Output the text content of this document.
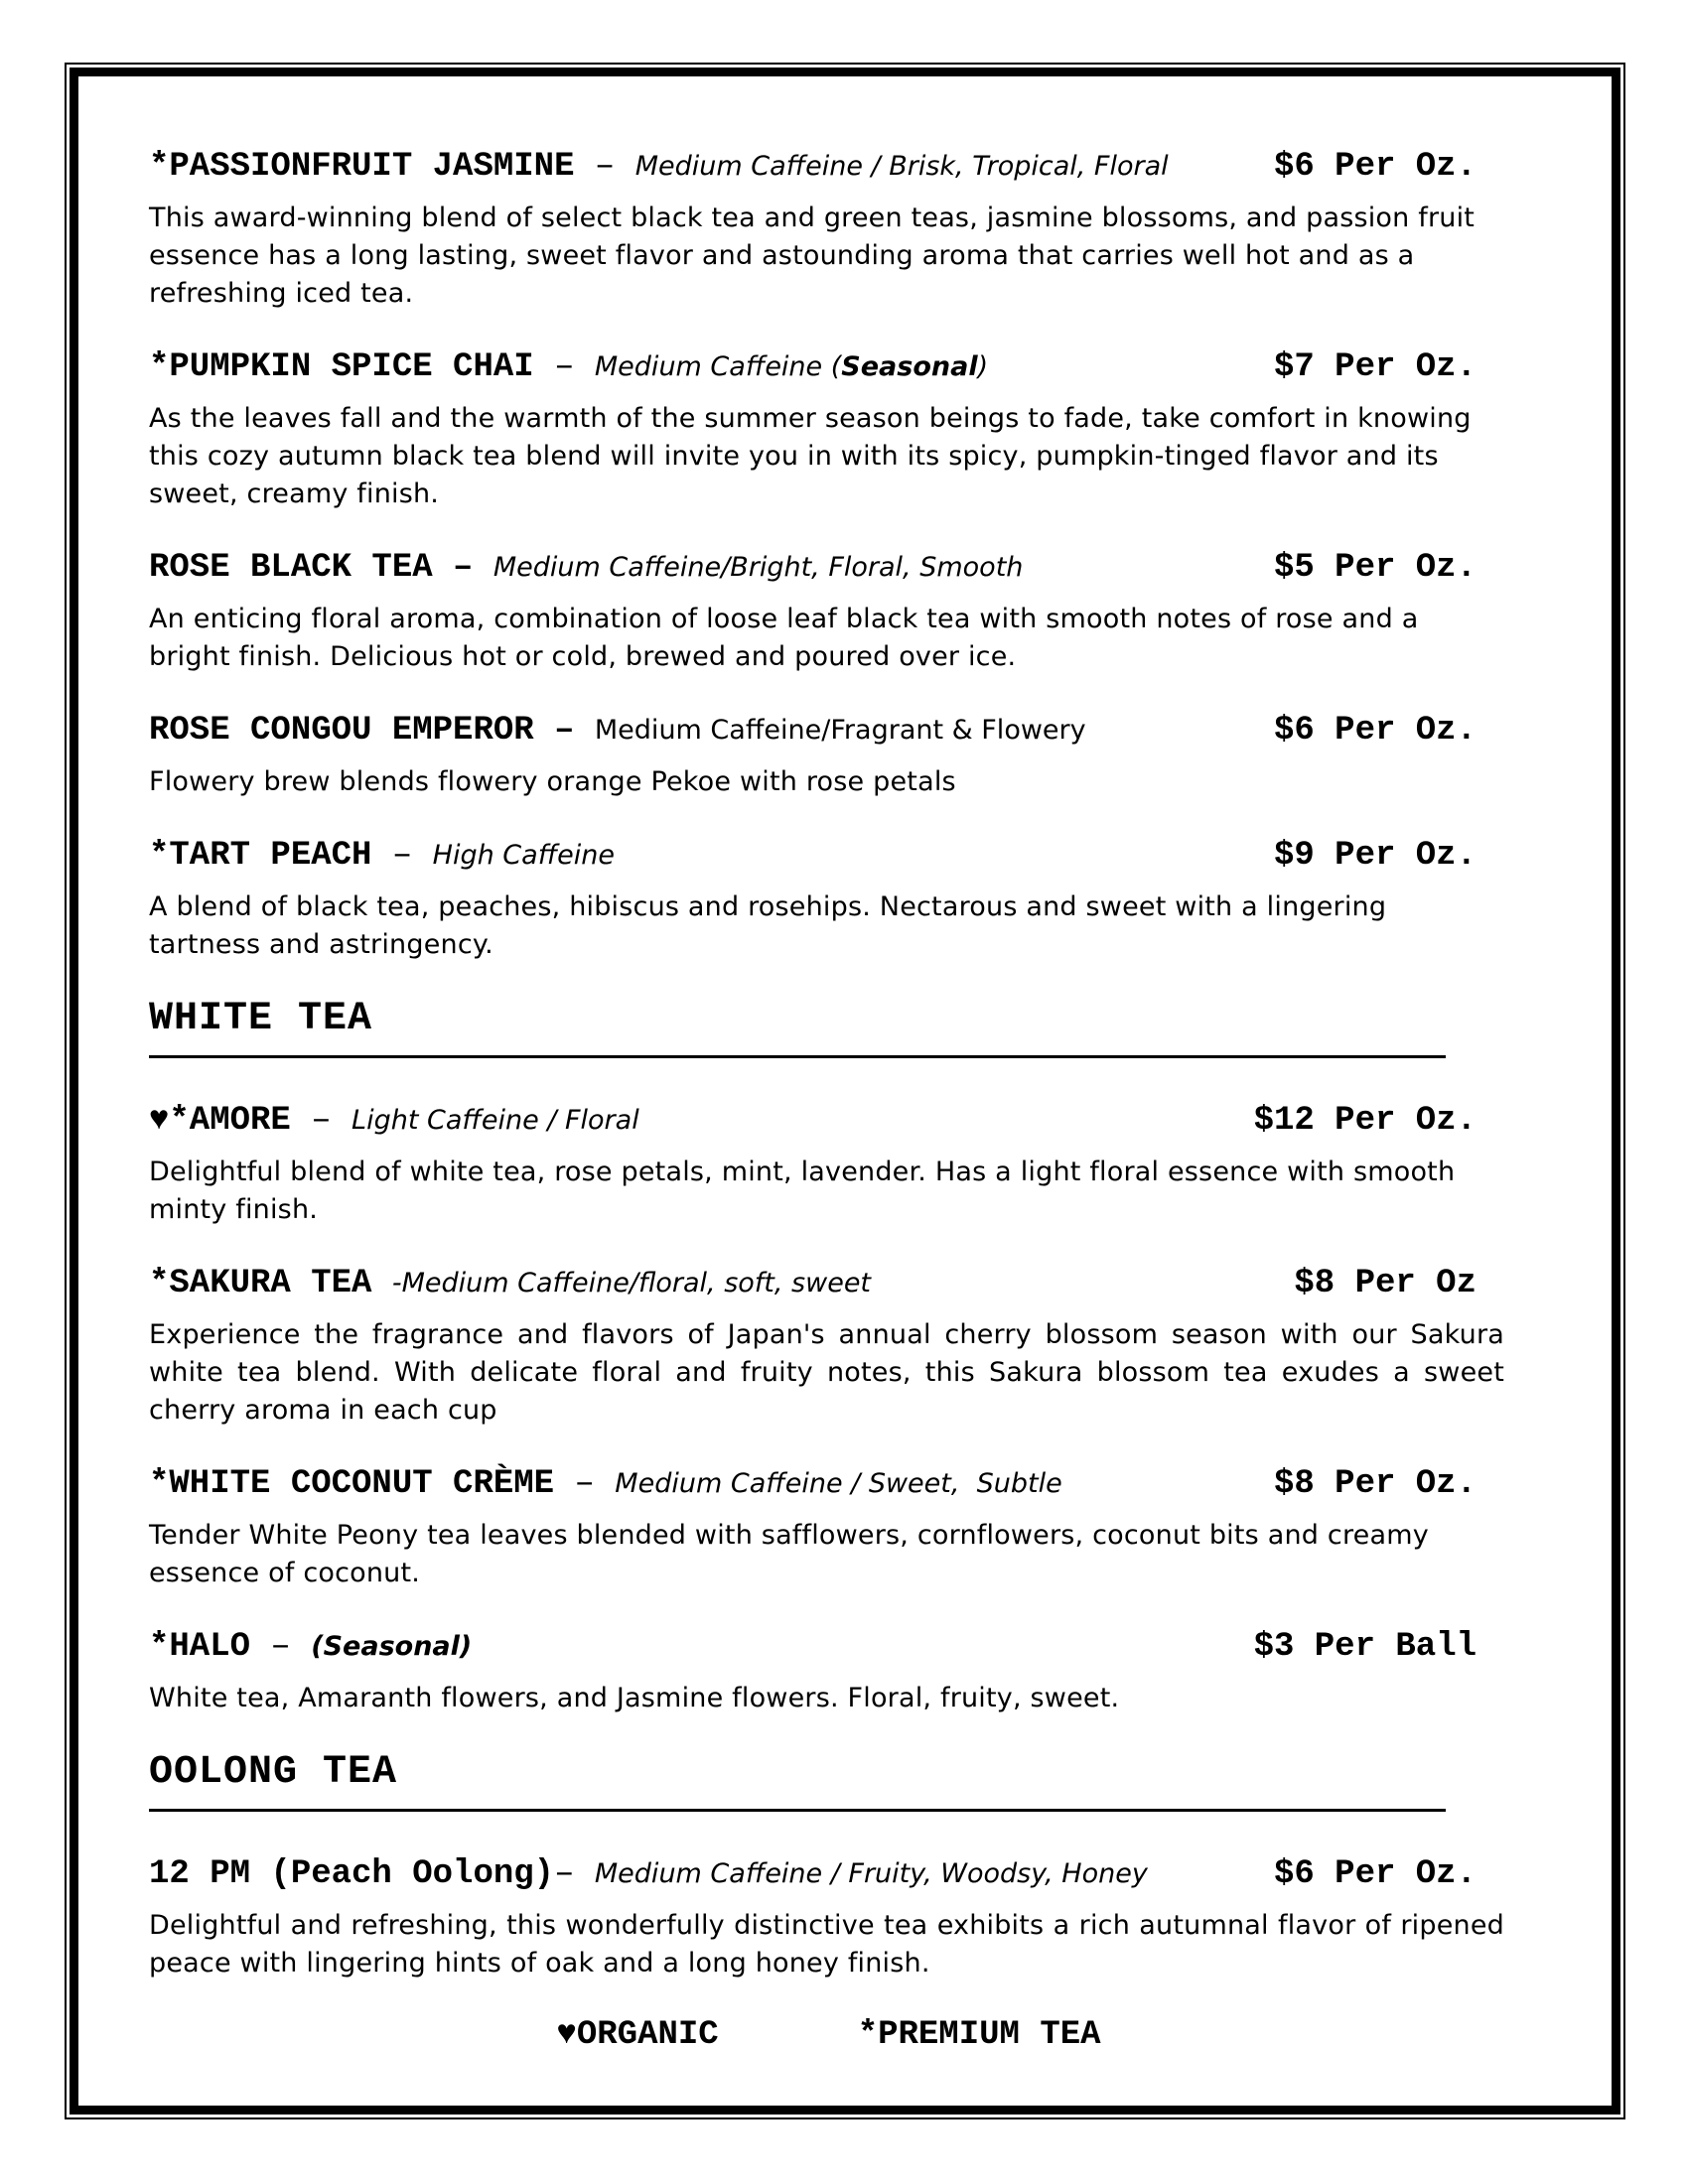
*PASSIONFRUIT JASMINE – Medium Caffeine / Brisk, Tropical, Floral	$6 Per Oz.

This award-winning blend of select black tea and green teas, jasmine blossoms, and passion fruit essence has a long lasting, sweet flavor and astounding aroma that carries well hot and as a refreshing iced tea.

*PUMPKIN SPICE CHAI – Medium Caffeine (Seasonal)	$7 Per Oz.

As the leaves fall and the warmth of the summer season beings to fade, take comfort in knowing this cozy autumn black tea blend will invite you in with its spicy, pumpkin-tinged flavor and its sweet, creamy finish.

ROSE BLACK TEA – Medium Caffeine/Bright, Floral, Smooth	$5 Per Oz.

An enticing floral aroma, combination of loose leaf black tea with smooth notes of rose and a bright finish. Delicious hot or cold, brewed and poured over ice.

ROSE CONGOU EMPEROR – Medium Caffeine/Fragrant & Flowery	$6 Per Oz.

Flowery brew blends flowery orange Pekoe with rose petals

*TART PEACH – High Caffeine	$9 Per Oz.

A blend of black tea, peaches, hibiscus and rosehips. Nectarous and sweet with a lingering tartness and astringency.

WHITE TEA
♥*AMORE – Light Caffeine / Floral	$12 Per Oz.

Delightful blend of white tea, rose petals, mint, lavender. Has a light floral essence with smooth minty finish.

*SAKURA TEA -Medium Caffeine/floral, soft, sweet	$8 Per Oz

Experience the fragrance and flavors of Japan's annual cherry blossom season with our Sakura white tea blend. With delicate floral and fruity notes, this Sakura blossom tea exudes a sweet cherry aroma in each cup

*WHITE COCONUT CRÈME – Medium Caffeine / Sweet,  Subtle	$8 Per Oz.

Tender White Peony tea leaves blended with safflowers, cornflowers, coconut bits and creamy essence of coconut.

*HALO – (Seasonal)	$3 Per Ball

White tea, Amaranth flowers, and Jasmine flowers. Floral, fruity, sweet.

OOLONG TEA
12 PM (Peach Oolong)– Medium Caffeine / Fruity, Woodsy, Honey	$6 Per Oz.

Delightful and refreshing, this wonderfully distinctive tea exhibits a rich autumnal flavor of ripened peace with lingering hints of oak and a long honey finish.

♥ORGANIC	*PREMIUM TEA
